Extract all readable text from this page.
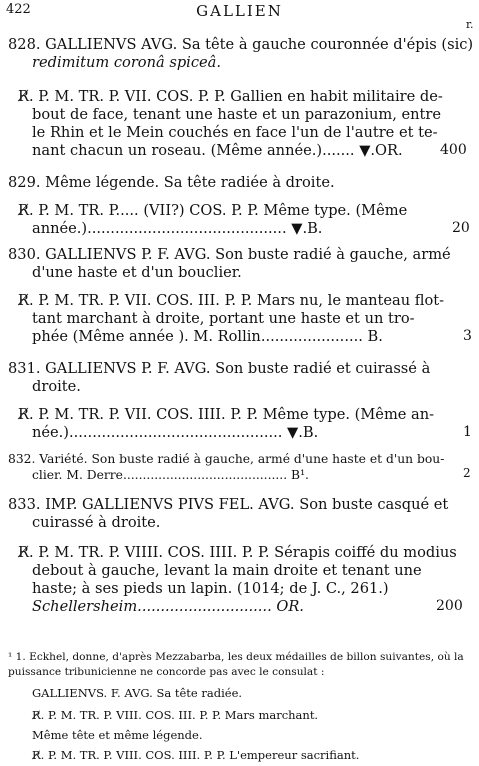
422	GALLIEN
r.
828. GALLIENVS AVG. Sa tête à gauche couronnée d'épis (sic)
redimitum coronâ spiceâ.
R̸. P. M. TR. P. VII. COS. P. P. Gallien en habit militaire de-
bout de face, tenant une haste et un parazonium, entre
le Rhin et le Mein couchés en face l'un de l'autre et te-
nant chacun un roseau. (Même année.)....... ▼.OR.	400
829. Même légende. Sa tête radiée à droite.
R̸. P. M. TR. P..... (VII?) COS. P. P. Même type. (Même
année.)........................................... ▼.B.	20
830. GALLIENVS P. F. AVG. Son buste radié à gauche, armé
d'une haste et d'un bouclier.
R̸. P. M. TR. P. VII. COS. III. P. P. Mars nu, le manteau flot-
tant marchant à droite, portant une haste et un tro-
phée (Même année ). M. Rollin...................... B.	3
831. GALLIENVS P. F. AVG. Son buste radié et cuirassé à
droite.
R̸. P. M. TR. P. VII. COS. IIII. P. P. Même type. (Même an-
née.).............................................. ▼.B.	1
832. Variété. Son buste radié à gauche, armé d'une haste et d'un bou-
clier. M. Derre.......................................... B¹.	2
833. IMP. GALLIENVS PIVS FEL. AVG. Son buste casqué et
cuirassé à droite.
R̸. P. M. TR. P. VIIII. COS. IIII. P. P. Sérapis coiffé du modius
debout à gauche, levant la main droite et tenant une
haste; à ses pieds un lapin. (1014; de J. C., 261.)
Schellersheim............................. OR.	200
¹ 1. Eckhel, donne, d'après Mezzabarba, les deux médailles de billon suivantes, où la
puissance tribunicienne ne concorde pas avec le consulat :
GALLIENVS. F. AVG. Sa tête radiée.
R̸. P. M. TR. P. VIII. COS. III. P. P. Mars marchant.
Même tête et même légende.
R̸. P. M. TR. P. VIII. COS. IIII. P. P. L'empereur sacrifiant.
